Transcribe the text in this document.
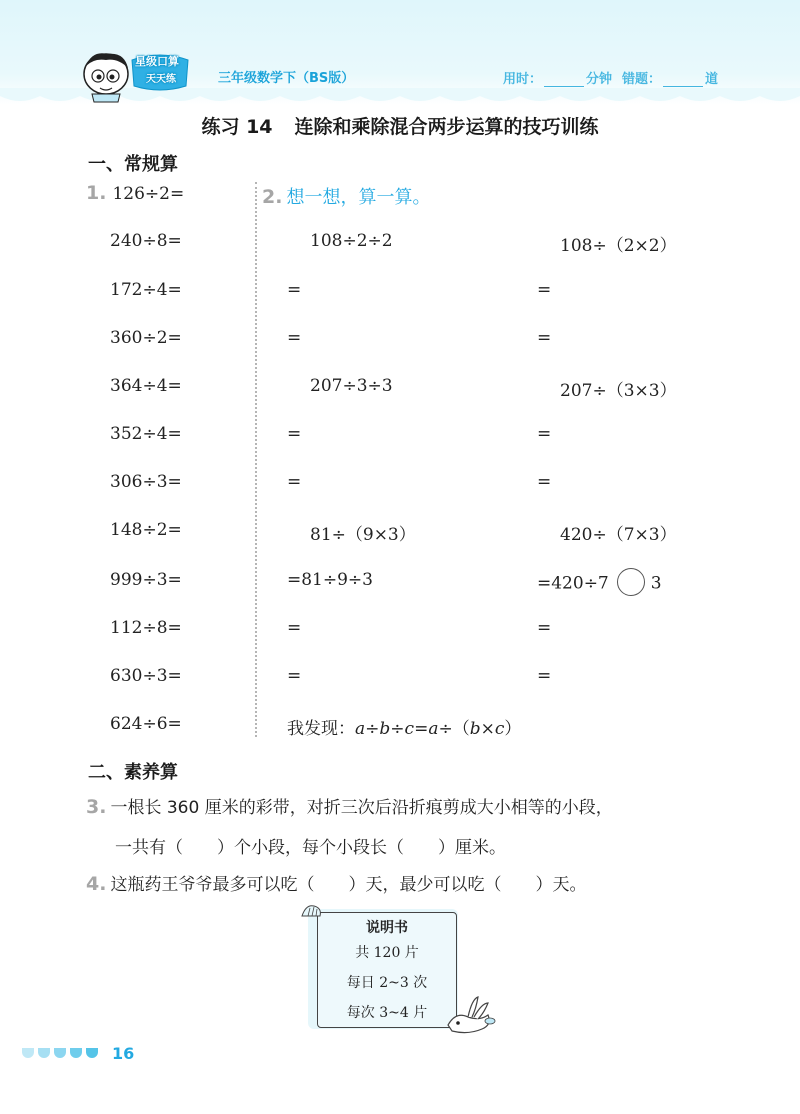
星级口算
天天练	三年级数学下（BS版）	用时：	分钟 错题：	道
练习 14 连除和乘除混合两步运算的技巧训练
一、常规算
1. 126÷2=
240÷8=
172÷4=
360÷2=
364÷4=
352÷4=
306÷3=
148÷2=
999÷3=
112÷8=
630÷3=
624÷6=
2. 想一想，算一算。
108÷2÷2
=
=
207÷3÷3
=
=
81÷（9×3）
=81÷9÷3
=
=
108÷（2×2）
=
=
207÷（3×3）
=
=
420÷（7×3）
=420÷7 3
=
=
我发现：a÷b÷c=a÷（b×c）
二、素养算
3. 一根长 360 厘米的彩带，对折三次后沿折痕剪成大小相等的小段，
一共有（　　）个小段，每个小段长（　　）厘米。
4. 这瓶药王爷爷最多可以吃（　　）天，最少可以吃（　　）天。
说明书
共 120 片
每日 2~3 次
每次 3~4 片
16
